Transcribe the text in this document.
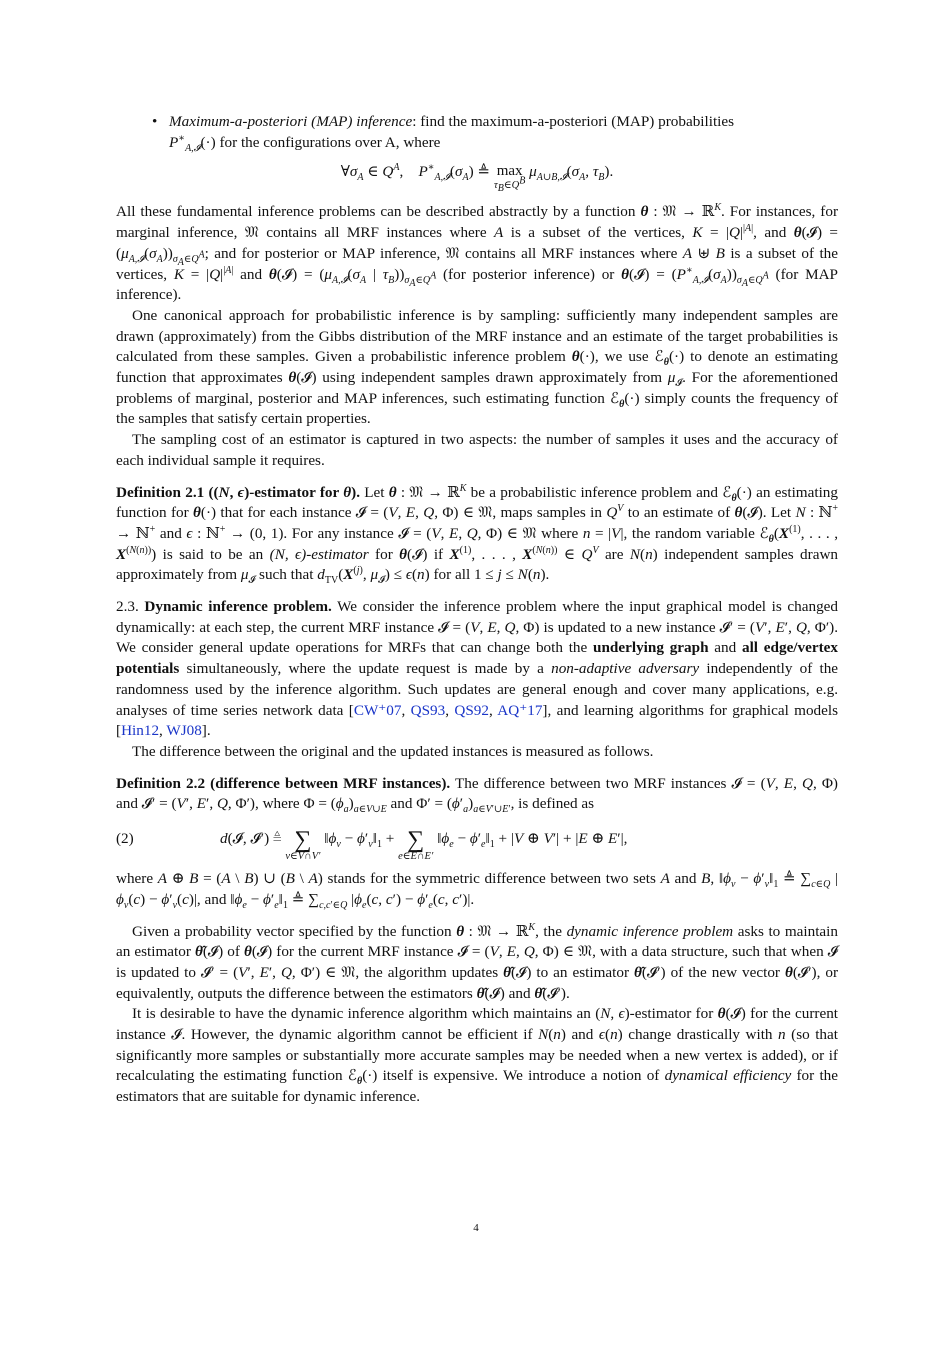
• Maximum-a-posteriori (MAP) inference: find the maximum-a-posteriori (MAP) probabilities
$P^∗_{A,𝓘}(\cdot)$ for the configurations over A, where
$\forall\sigma_A$ ∈ $Q^A$,    $P^∗_{A,𝓘}(\sigma_A)$ ≜ max
$\tau_B\in Q^B$
$\mu_{A\cup B,𝓘}(\sigma_A$, $\tau_B$).

All these fundamental inference problems can be described abstractly by a function θ : 𝔐 → ℝ$^K$. For instances, for marginal inference, 𝔐 contains all MRF instances where A is a subset of the vertices, $K = |Q|^{|A|}$, and θ(𝓘) = $(\mu_{A,𝓘}(\sigma_A))_{\sigma_A\in Q^A}$; and for posterior or MAP inference, 𝔐 contains all MRF instances where A ⊎ B is a subset of the vertices, $K = |Q|^{|A|}$ and θ(𝓘) = ($\mu_{A,𝓘}(\sigma_A$ | $\tau_B))_{\sigma_A\in Q^A}$ (for posterior inference) or θ(𝓘) = $(P^∗_{A,𝓘}(\sigma_A))_{\sigma_A\in Q^A}$ (for MAP inference).

One canonical approach for probabilistic inference is by sampling: sufficiently many independent samples are drawn (approximately) from the Gibbs distribution of the MRF instance and an estimate of the target probabilities is calculated from these samples. Given a probabilistic inference problem θ(·), we use ℰ$_\theta$(·) to denote an estimating function that approximates θ(𝓘) using independent samples drawn approximately from $\mu_𝓘$. For the aforementioned problems of marginal, posterior and MAP inferences, such estimating function ℰ$_\theta$(·) simply counts the frequency of the samples that satisfy certain properties.

The sampling cost of an estimator is captured in two aspects: the number of samples it uses and the accuracy of each individual sample it requires.

Definition 2.1 ((N, ϵ)-estimator for θ). Let θ : 𝔐 → ℝ$^K$ be a probabilistic inference problem and ℰ$_\theta$(·) an estimating function for θ(·) that for each instance 𝓘 = (V, E, Q, Φ) ∈ 𝔐, maps samples in $Q^V$ to an estimate of θ(𝓘). Let N : ℕ+ → ℕ+ and ϵ : ℕ+ → (0, 1). For any instance 𝓘 = (V, E, Q, Φ) ∈ 𝔐 where n = |V|, the random variable $ℰ_\theta(X^{(1)}$, . . . , $X^{(N(n))}$) is said to be an (N, ϵ)-estimator for θ(𝓘) if $X^{(1)}$, . . . , $X^{(N(n))}$ ∈ $Q^V$ are N(n) independent samples drawn approximately from $\mu_𝓘$ such that $d_{TV}(X^{(j)}$, $\mu_𝓘) \le \epsilon(n)$ for all 1 ≤ j ≤ N(n).

2.3. Dynamic inference problem. We consider the inference problem where the input graphical model is changed dynamically: at each step, the current MRF instance 𝓘 = (V, E, Q, Φ) is updated to a new instance 𝓘′ = (V′, E′, Q, Φ′). We consider general update operations for MRFs that can change both the underlying graph and all edge/vertex potentials simultaneously, where the update request is made by a non-adaptive adversary independently of the randomness used by the inference algorithm. Such updates are general enough and cover many applications, e.g. analyses of time series network data [CW⁺07, QS93, QS92, AQ⁺17], and learning algorithms for graphical models [Hin12, WJ08].

The difference between the original and the updated instances is measured as follows.

Definition 2.2 (difference between MRF instances). The difference between two MRF instances 𝓘 = (V, E, Q, Φ) and 𝓘′ = (V′, E′, Q, Φ′), where $\Phi = (\phi_a)_{a\in V\cup E}$ and $\Phi' = (\phi'_a)_{a\in V'\cup E'}$, is defined as

(2)	d(𝓘, 𝓘′) ≜ ∑
v∈V∩V′
$‖\phi_v$ − $\phi'_v‖_1$ + ∑
e∈E∩E′
$‖\phi_e$ − $\phi'_e‖_1 + |V$ ⊕ V′| + |E ⊕ E′|,

where A ⊕ B = (A \ B) ∪ (B \ A) stands for the symmetric difference between two sets A and B, $‖\phi_v$ − $\phi'_v‖_1$ ≜ $\sum_{c\in Q}$ $|\phi_v(c) - \phi'_v(c)|$, and $‖\phi_e$ − $\phi'_e‖_1$ ≜ $\sum_{c,c'\in Q}$ $|\phi_e(c$, $c') - \phi'_e(c$, c′)|.

Given a probability vector specified by the function θ : 𝔐 → ℝ$^K$, the dynamic inference problem asks to maintain an estimator θ̂(𝓘) of θ(𝓘) for the current MRF instance 𝓘 = (V, E, Q, Φ) ∈ 𝔐, with a data structure, such that when 𝓘 is updated to 𝓘′ = (V′, E′, Q, Φ′) ∈ 𝔐, the algorithm updates θ̂(𝓘) to an estimator θ̂(𝓘′) of the new vector θ(𝓘′), or equivalently, outputs the difference between the estimators θ̂(𝓘) and θ̂(𝓘′).

It is desirable to have the dynamic inference algorithm which maintains an (N, ϵ)-estimator for θ(𝓘) for the current instance 𝓘. However, the dynamic algorithm cannot be efficient if N(n) and ϵ(n) change drastically with n (so that significantly more samples or substantially more accurate samples may be needed when a new vertex is added), or if recalculating the estimating function ℰ$_\theta$(·) itself is expensive. We introduce a notion of dynamical efficiency for the estimators that are suitable for dynamic inference.

4
